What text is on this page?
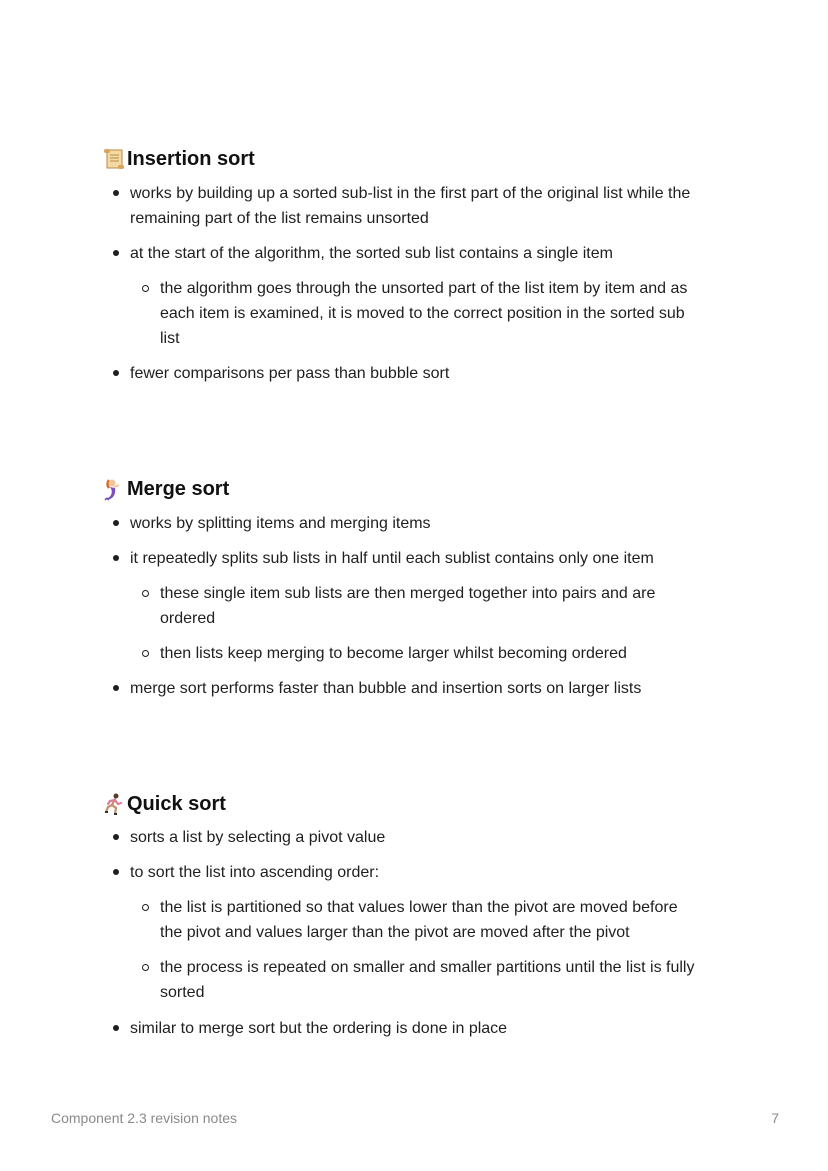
Insertion sort
works by building up a sorted sub-list in the first part of the original list while the
remaining part of the list remains unsorted
at the start of the algorithm, the sorted sub list contains a single item
the algorithm goes through the unsorted part of the list item by item and as
each item is examined, it is moved to the correct position in the sorted sub
list
fewer comparisons per pass than bubble sort
Merge sort
works by splitting items and merging items
it repeatedly splits sub lists in half until each sublist contains only one item
these single item sub lists are then merged together into pairs and are
ordered
then lists keep merging to become larger whilst becoming ordered
merge sort performs faster than bubble and insertion sorts on larger lists
Quick sort
sorts a list by selecting a pivot value
to sort the list into ascending order:
the list is partitioned so that values lower than the pivot are moved before
the pivot and values larger than the pivot are moved after the pivot
the process is repeated on smaller and smaller partitions until the list is fully
sorted
similar to merge sort but the ordering is done in place
Component 2.3 revision notes	7
